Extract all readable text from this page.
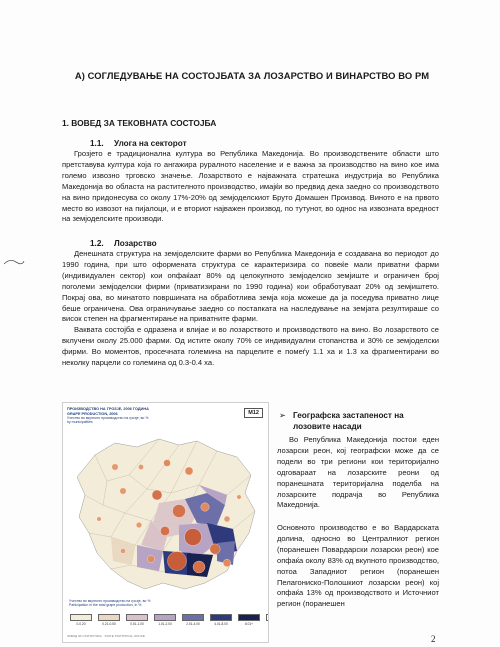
А) СОГЛЕДУВАЊЕ НА СОСТОЈБАТА ЗА ЛОЗАРСТВО И ВИНАРСТВО ВО РМ
1. ВОВЕД ЗА ТЕКОВНАТА СОСТОЈБА
1.1. Улога на секторот

Грозјето е традиционална култура во Република Македонија. Во производствените области што претставува култура која го ангажира руралното население и е важна за производство на вино кое има големо извозно трговско значење. Лозарството е најважната стратешка индустрија во Република Македонија во областа на растителното производство, имајќи во предвид дека заедно со производството на вино придонесува со околу 17%-20% од земјоделскиот Бруто Домашен Производ. Виното е на првото место во извозот на пијалоци, и е вториот најважен производ, по тутунот, во однос на извозната вредност на земјоделските производи.

1.2. Лозарство

Денешната структура на земјоделските фарми во Република Македонија е создавана во периодот до 1990 година, при што оформената структура се карактеризира со повеќе мали приватни фарми (индивидуален сектор) кои опфаќаат 80% од целокупното земјоделско земјиште и ограничен број поголеми земјоделски фирми (приватизирани по 1990 година) кои обработуваат 20% од земјиштето. Покрај ова, во минатото површината на обработлива земја која можеше да ја поседува приватно лице беше ограничена. Ова ограничување заедно со постапката на наследување на земјата резултираше со висок степен на фрагментирање на приватните фарми.

Ваквата состојба е одразена и влијае и во лозарството и производството на вино. Во лозарството се вклучени околу 25.000 фарми. Од истите околу 70% се индивидуални стопанства и 30% се земјоделски фирми. Во моментов, просечната големина на парцелите е помеѓу 1.1 ха и 1.3 ха фрагментирани во неколку парцели со големина од 0.3-0.4 ха.

ПРОИЗВОДСТВО НА ГРОЗЈЕ, 2006 ГОДИНА
GRAPE PRODUCTION, 2006
Учество во вкупното производство на грозје, во %
by municipalities
М12
Учество во вкупното производство на грозје, во %
Participation in the total grape production, in %
0-0.20	0.21-0.50	0.51-1.00	1.01-2.00	2.01-4.00	4.01-8.00	8.01+
ЗАВОД ЗА СТАТИСТИКА · STATE STATISTICAL OFFICE
➢ Географска застапеност на лозовите насади

Во Република Македонија постои еден лозарски рeон, кој географски може да се подели во три региони кои територијално одговараат на лозарските реони од поранешната територијална поделба на лозарските подрачја во Република Македонија.

Основното производство е во Вардарската долина, односно во Централниот регион (поранешен Повардарски лозарски реон) кое опфаќа околу 83% од вкупното производство, потоа Западниот регион (поранешен Пелагониско-Полошкиот лозарски реон) кој опфаќа 13% од производството и Источниот регион (поранешен

2
